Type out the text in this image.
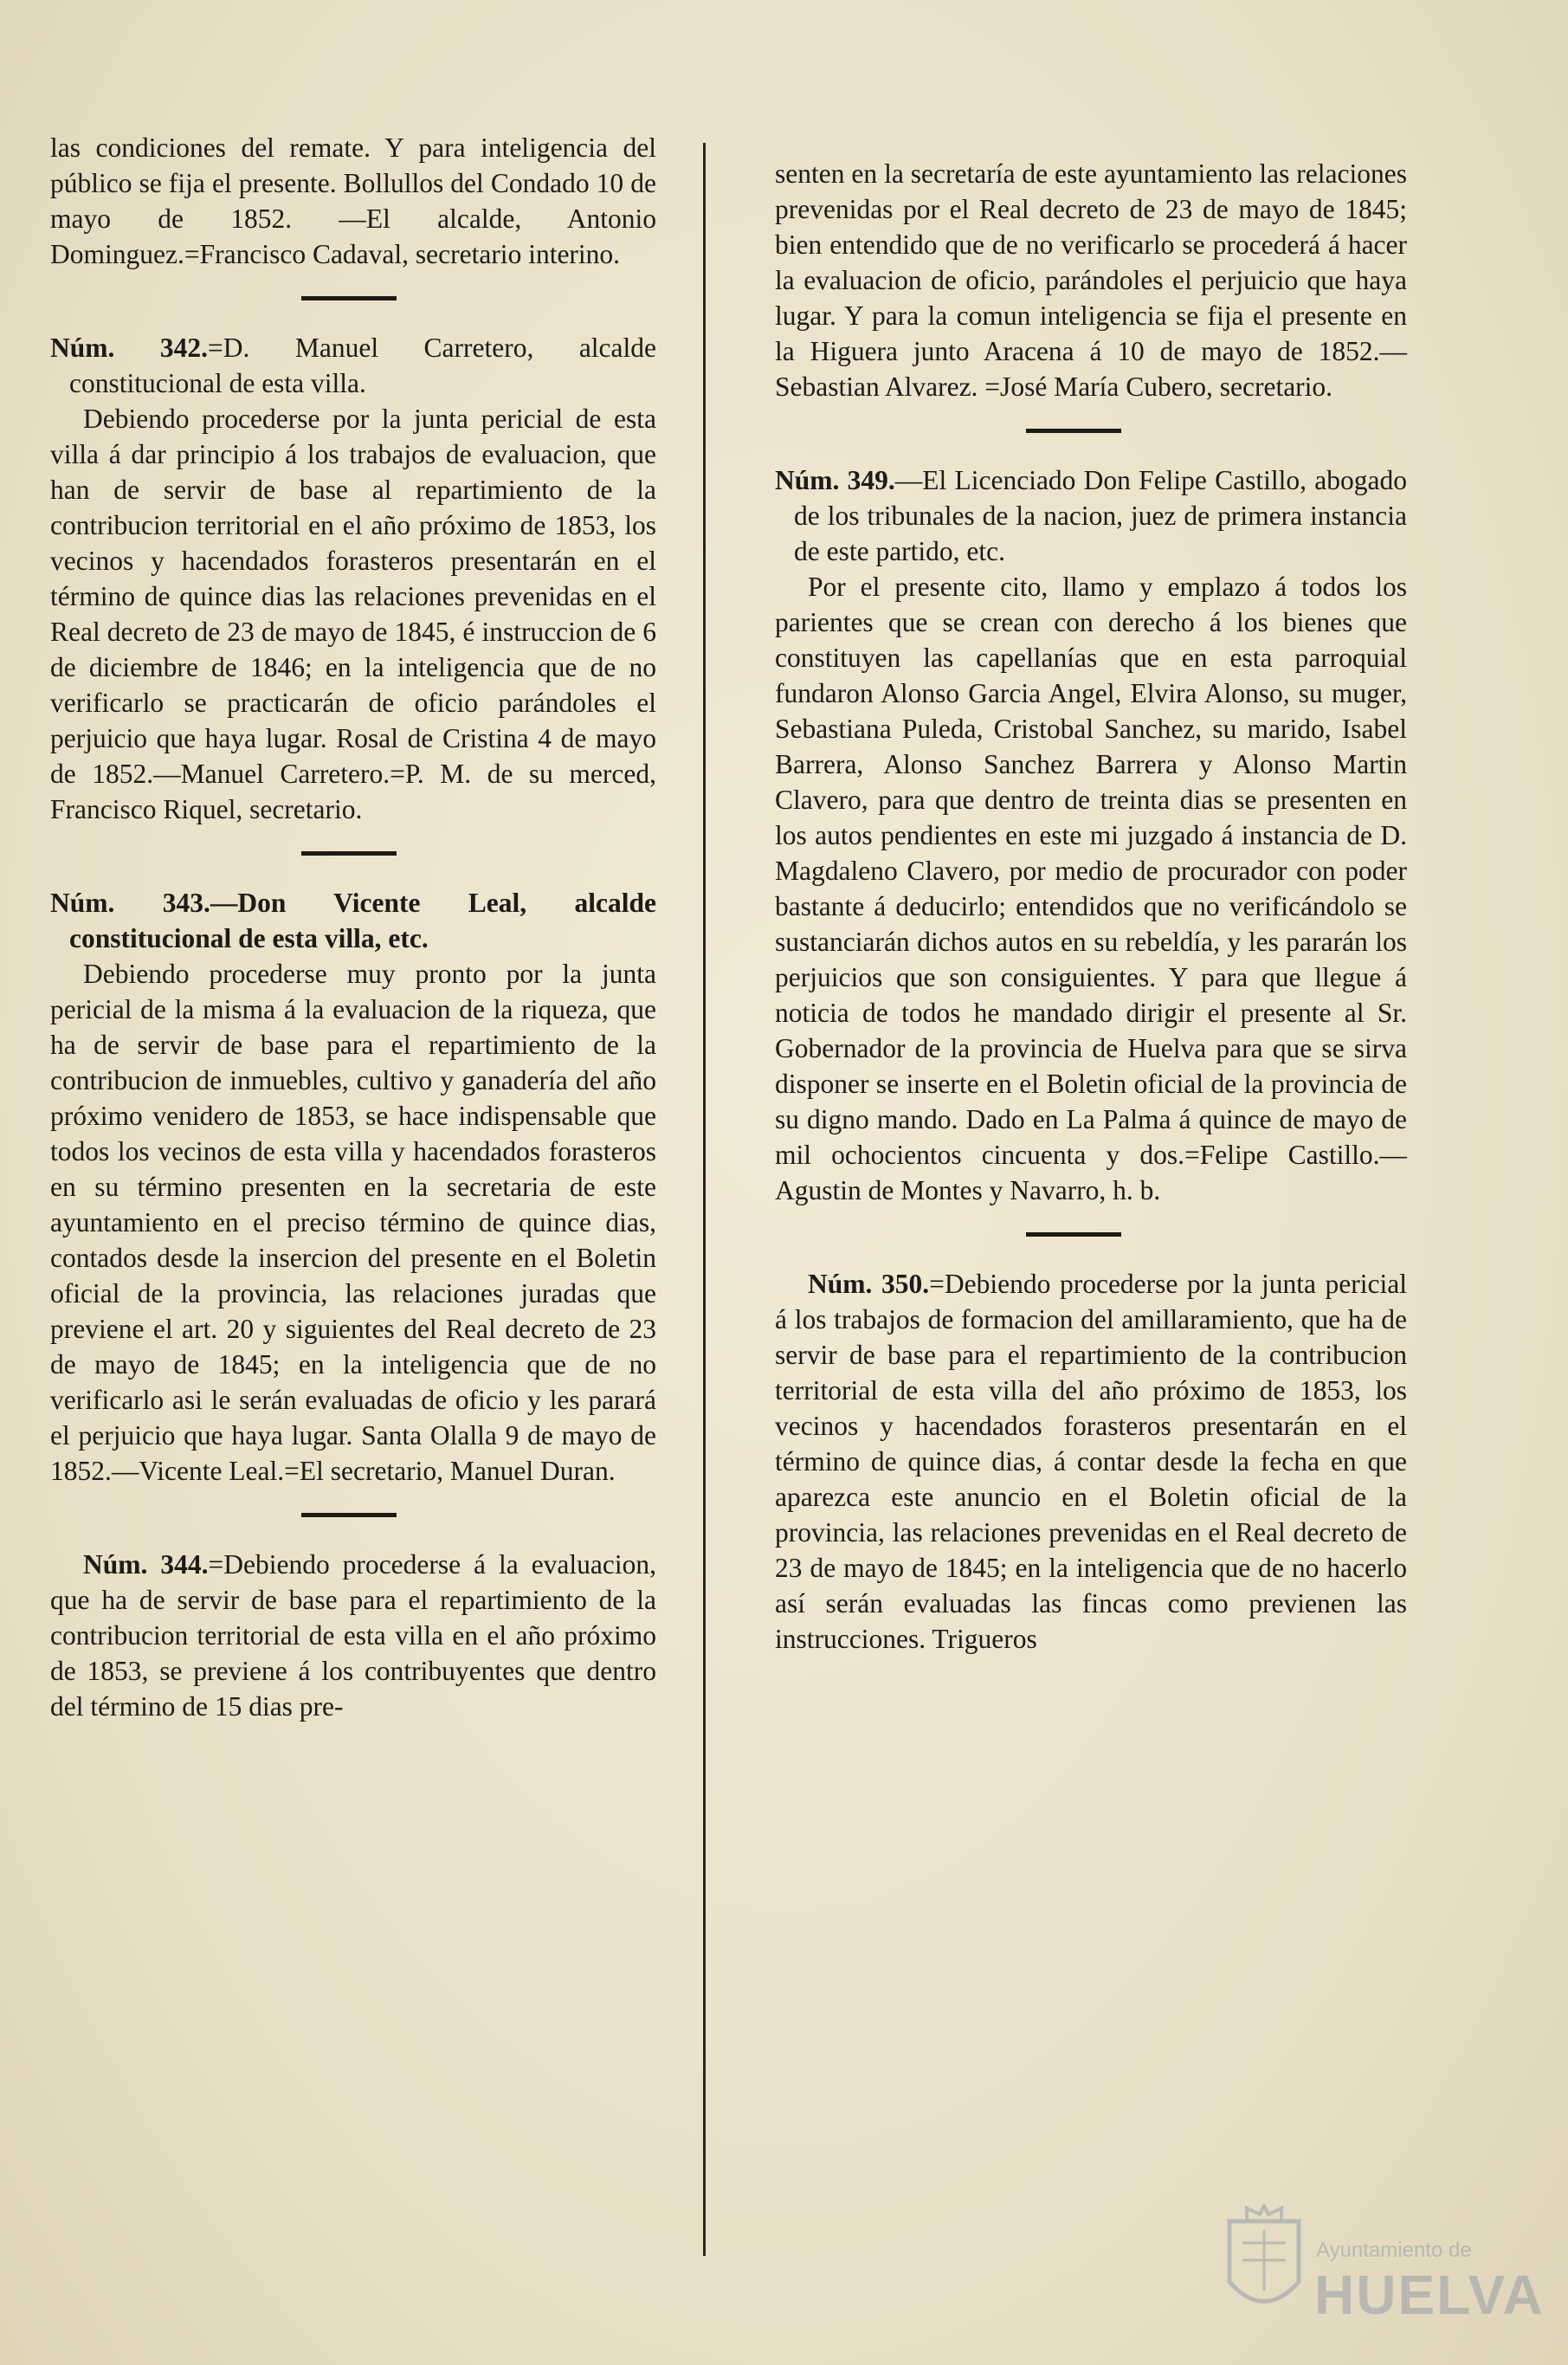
las condiciones del remate. Y para inteligencia del público se fija el presente. Bollullos del Condado 10 de mayo de 1852. —El alcalde, Antonio Dominguez.=Francisco Cadaval, secretario interino.

Núm. 342.=D. Manuel Carretero, alcalde constitucional de esta villa.

Debiendo procederse por la junta pericial de esta villa á dar principio á los trabajos de evaluacion, que han de servir de base al repartimiento de la contribucion territorial en el año próximo de 1853, los vecinos y hacendados forasteros presentarán en el término de quince dias las relaciones prevenidas en el Real decreto de 23 de mayo de 1845, é instruccion de 6 de diciembre de 1846; en la inteligencia que de no verificarlo se practicarán de oficio parándoles el perjuicio que haya lugar. Rosal de Cristina 4 de mayo de 1852.—Manuel Carretero.=P. M. de su merced, Francisco Riquel, secretario.

Núm. 343.—Don Vicente Leal, alcalde constitucional de esta villa, etc.

Debiendo procederse muy pronto por la junta pericial de la misma á la evaluacion de la riqueza, que ha de servir de base para el repartimiento de la contribucion de inmuebles, cultivo y ganadería del año próximo venidero de 1853, se hace indispensable que todos los vecinos de esta villa y hacendados forasteros en su término presenten en la secretaria de este ayuntamiento en el preciso término de quince dias, contados desde la insercion del presente en el Boletin oficial de la provincia, las relaciones juradas que previene el art. 20 y siguientes del Real decreto de 23 de mayo de 1845; en la inteligencia que de no verificarlo asi le serán evaluadas de oficio y les parará el perjuicio que haya lugar. Santa Olalla 9 de mayo de 1852.—Vicente Leal.=El secretario, Manuel Duran.

Núm. 344.=Debiendo procederse á la evaluacion, que ha de servir de base para el repartimiento de la contribucion territorial de esta villa en el año próximo de 1853, se previene á los contribuyentes que dentro del término de 15 dias pre-

senten en la secretaría de este ayuntamiento las relaciones prevenidas por el Real decreto de 23 de mayo de 1845; bien entendido que de no verificarlo se procederá á hacer la evaluacion de oficio, parándoles el perjuicio que haya lugar. Y para la comun inteligencia se fija el presente en la Higuera junto Aracena á 10 de mayo de 1852.—Sebastian Alvarez. =José María Cubero, secretario.

Núm. 349.—El Licenciado Don Felipe Castillo, abogado de los tribunales de la nacion, juez de primera instancia de este partido, etc.

Por el presente cito, llamo y emplazo á todos los parientes que se crean con derecho á los bienes que constituyen las capellanías que en esta parroquial fundaron Alonso Garcia Angel, Elvira Alonso, su muger, Sebastiana Puleda, Cristobal Sanchez, su marido, Isabel Barrera, Alonso Sanchez Barrera y Alonso Martin Clavero, para que dentro de treinta dias se presenten en los autos pendientes en este mi juzgado á instancia de D. Magdaleno Clavero, por medio de procurador con poder bastante á deducirlo; entendidos que no verificándolo se sustanciarán dichos autos en su rebeldía, y les pararán los perjuicios que son consiguientes. Y para que llegue á noticia de todos he mandado dirigir el presente al Sr. Gobernador de la provincia de Huelva para que se sirva disponer se inserte en el Boletin oficial de la provincia de su digno mando. Dado en La Palma á quince de mayo de mil ochocientos cincuenta y dos.=Felipe Castillo.—Agustin de Montes y Navarro, h. b.

Núm. 350.=Debiendo procederse por la junta pericial á los trabajos de formacion del amillaramiento, que ha de servir de base para el repartimiento de la contribucion territorial de esta villa del año próximo de 1853, los vecinos y hacendados forasteros presentarán en el término de quince dias, á contar desde la fecha en que aparezca este anuncio en el Boletin oficial de la provincia, las relaciones prevenidas en el Real decreto de 23 de mayo de 1845; en la inteligencia que de no hacerlo así serán evaluadas las fincas como previenen las instrucciones. Trigueros

Ayuntamiento de
HUELVA
